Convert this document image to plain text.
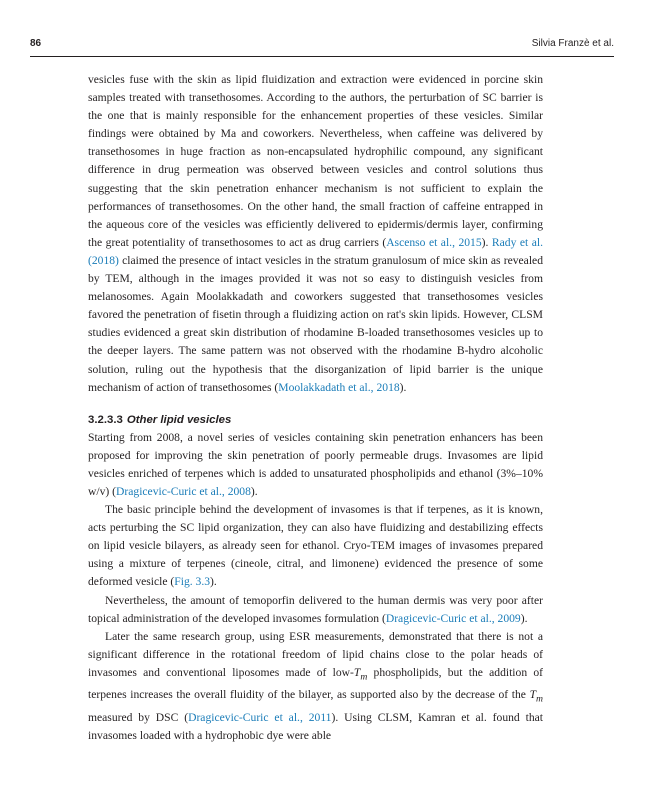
86	Silvia Franzè et al.

vesicles fuse with the skin as lipid fluidization and extraction were evidenced in porcine skin samples treated with transethosomes. According to the authors, the perturbation of SC barrier is the one that is mainly responsible for the enhancement properties of these vesicles. Similar findings were obtained by Ma and coworkers. Nevertheless, when caffeine was delivered by transethosomes in huge fraction as non-encapsulated hydrophilic compound, any significant difference in drug permeation was observed between vesicles and control solutions thus suggesting that the skin penetration enhancer mechanism is not sufficient to explain the performances of transethosomes. On the other hand, the small fraction of caffeine entrapped in the aqueous core of the vesicles was efficiently delivered to epidermis/dermis layer, confirming the great potentiality of transethosomes to act as drug carriers (Ascenso et al., 2015). Rady et al. (2018) claimed the presence of intact vesicles in the stratum granulosum of mice skin as revealed by TEM, although in the images provided it was not so easy to distinguish vesicles from melanosomes. Again Moolakkadath and coworkers suggested that transethosomes vesicles favored the penetration of fisetin through a fluidizing action on rat's skin lipids. However, CLSM studies evidenced a great skin distribution of rhodamine B-loaded transethosomes vesicles up to the deeper layers. The same pattern was not observed with the rhodamine B-hydro alcoholic solution, ruling out the hypothesis that the disorganization of lipid barrier is the unique mechanism of action of transethosomes (Moolakkadath et al., 2018).

3.2.3.3 Other lipid vesicles

Starting from 2008, a novel series of vesicles containing skin penetration enhancers has been proposed for improving the skin penetration of poorly permeable drugs. Invasomes are lipid vesicles enriched of terpenes which is added to unsaturated phospholipids and ethanol (3%–10% w/v) (Dragicevic-Curic et al., 2008).

The basic principle behind the development of invasomes is that if terpenes, as it is known, acts perturbing the SC lipid organization, they can also have fluidizing and destabilizing effects on lipid vesicle bilayers, as already seen for ethanol. Cryo-TEM images of invasomes prepared using a mixture of terpenes (cineole, citral, and limonene) evidenced the presence of some deformed vesicle (Fig. 3.3).

Nevertheless, the amount of temoporfin delivered to the human dermis was very poor after topical administration of the developed invasomes formulation (Dragicevic-Curic et al., 2009).

Later the same research group, using ESR measurements, demonstrated that there is not a significant difference in the rotational freedom of lipid chains close to the polar heads of invasomes and conventional liposomes made of low-$T_m$ phospholipids, but the addition of terpenes increases the overall fluidity of the bilayer, as supported also by the decrease of the $T_m$ measured by DSC (Dragicevic-Curic et al., 2011). Using CLSM, Kamran et al. found that invasomes loaded with a hydrophobic dye were able
